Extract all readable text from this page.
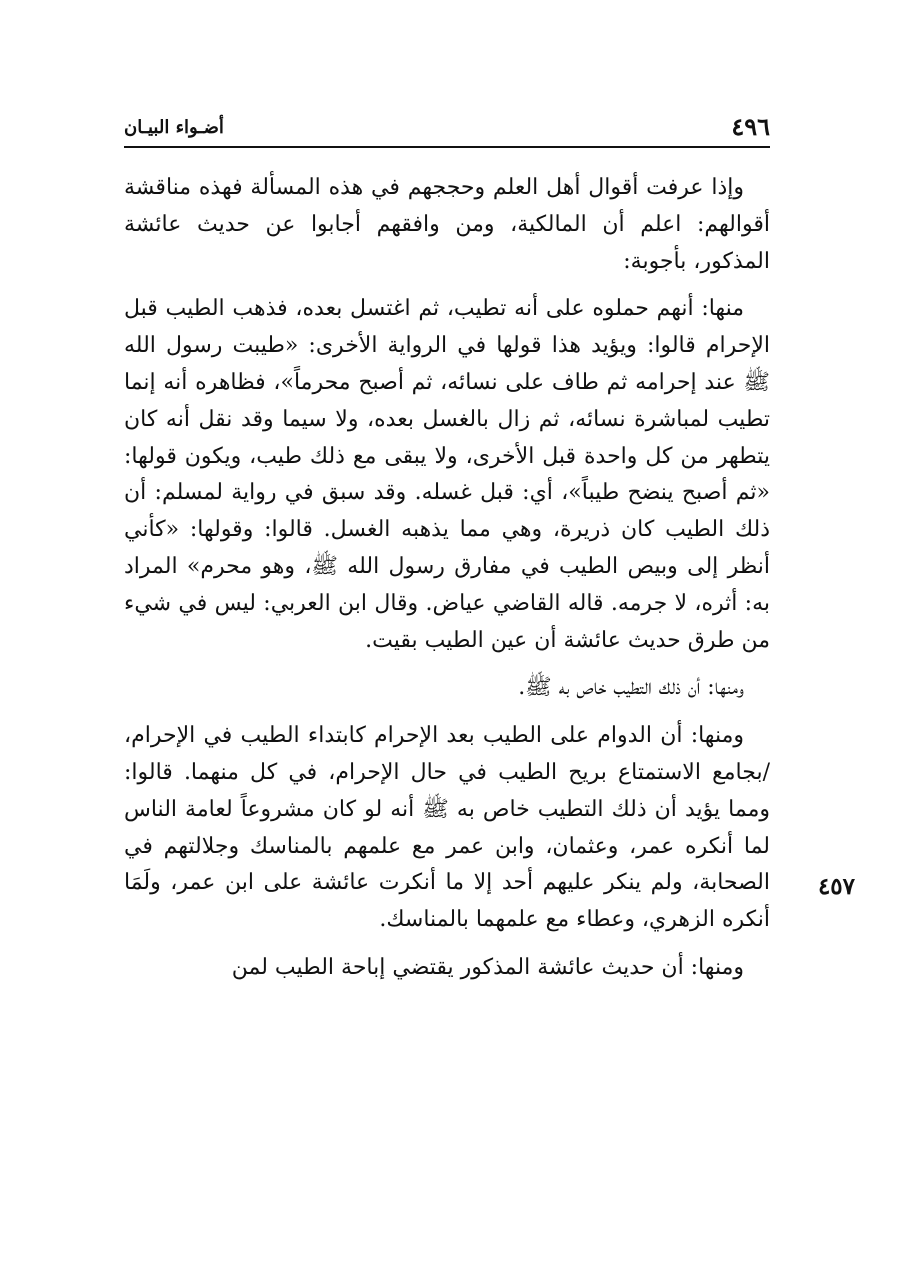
٤٩٦
أضـواء البيـان

وإذا عرفت أقوال أهل العلم وحججهم في هذه المسألة فهذه مناقشة أقوالهم: اعلم أن المالكية، ومن وافقهم أجابوا عن حديث عائشة المذكور، بأجوبة:

منها: أنهم حملوه على أنه تطيب، ثم اغتسل بعده، فذهب الطيب قبل الإحرام قالوا: ويؤيد هذا قولها في الرواية الأخرى: «طيبت رسول الله ﷺ عند إحرامه ثم طاف على نسائه، ثم أصبح محرماً»، فظاهره أنه إنما تطيب لمباشرة نسائه، ثم زال بالغسل بعده، ولا سيما وقد نقل أنه كان يتطهر من كل واحدة قبل الأخرى، ولا يبقى مع ذلك طيب، ويكون قولها: «ثم أصبح ينضح طيباً»، أي: قبل غسله. وقد سبق في رواية لمسلم: أن ذلك الطيب كان ذريرة، وهي مما يذهبه الغسل. قالوا: وقولها: «كأني أنظر إلى وبيص الطيب في مفارق رسول الله ﷺ، وهو محرم» المراد به: أثره، لا جرمه. قاله القاضي عياض. وقال ابن العربي: ليس في شيء من طرق حديث عائشة أن عين الطيب بقيت.

ومنها: أن ذلك التطيب خاص به ﷺ.

ومنها: أن الدوام على الطيب بعد الإحرام كابتداء الطيب في الإحرام، /بجامع الاستمتاع بريح الطيب في حال الإحرام، في كل منهما. قالوا: ومما يؤيد أن ذلك التطيب خاص به ﷺ أنه لو كان مشروعاً لعامة الناس لما أنكره عمر، وعثمان، وابن عمر مع علمهم بالمناسك وجلالتهم في الصحابة، ولم ينكر عليهم أحد إلا ما أنكرت عائشة على ابن عمر، ولَمَا أنكره الزهري، وعطاء مع علمهما بالمناسك.

ومنها: أن حديث عائشة المذكور يقتضي إباحة الطيب لمن

٤٥٧
